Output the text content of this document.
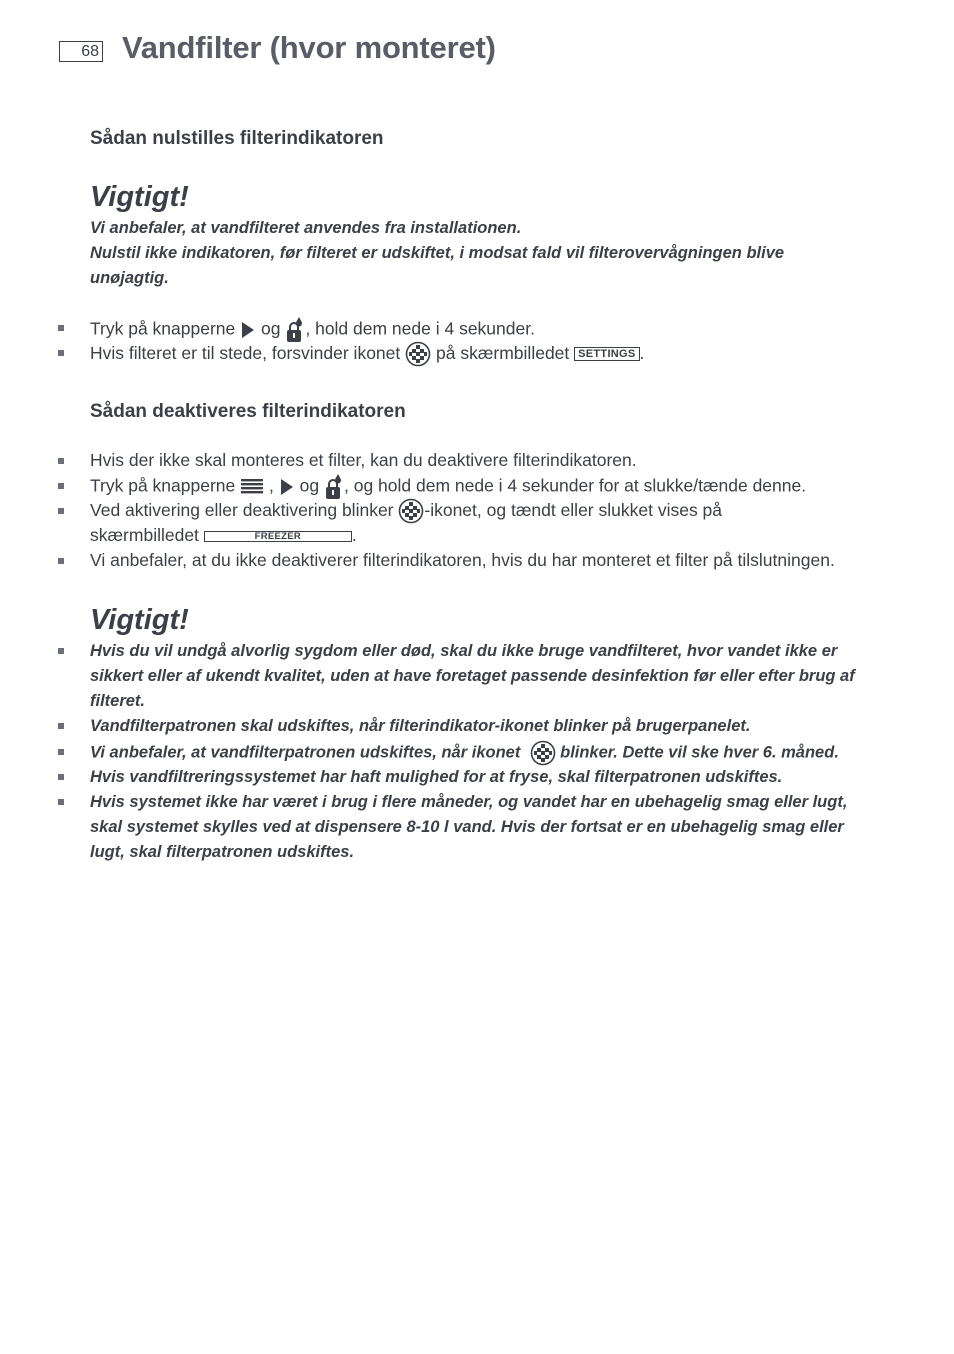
68 Vandfilter (hvor monteret)
Sådan nulstilles filterindikatoren
Vigtigt!
Vi anbefaler, at vandfilteret anvendes fra installationen.
Nulstil ikke indikatoren, før filteret er udskiftet, i modsat fald vil filterovervågningen blive
unøjagtig.
Tryk på knapperne og , hold dem nede i 4 sekunder.
Hvis filteret er til stede, forsvinder ikonet på skærmbilledet SETTINGS .
Sådan deaktiveres filterindikatoren
Hvis der ikke skal monteres et filter, kan du deaktivere filterindikatoren.
Tryk på knapperne , og , og hold dem nede i 4 sekunder for at slukke/tænde denne.
Ved aktivering eller deaktivering blinker -ikonet, og tændt eller slukket vises på
skærmbilledet	FREEZER	.
Vi anbefaler, at du ikke deaktiverer filterindikatoren, hvis du har monteret et filter på tilslutningen.
Vigtigt!
Hvis du vil undgå alvorlig sygdom eller død, skal du ikke bruge vandfilteret, hvor vandet ikke er
sikkert eller af ukendt kvalitet, uden at have foretaget passende desinfektion før eller efter brug af
filteret.
Vandfilterpatronen skal udskiftes, når filterindikator-ikonet blinker på brugerpanelet.
Vi anbefaler, at vandfilterpatronen udskiftes, når ikonet blinker. Dette vil ske hver 6. måned.
Hvis vandfiltreringssystemet har haft mulighed for at fryse, skal filterpatronen udskiftes.
Hvis systemet ikke har været i brug i flere måneder, og vandet har en ubehagelig smag eller lugt,
skal systemet skylles ved at dispensere 8-10 l vand. Hvis der fortsat er en ubehagelig smag eller
lugt, skal filterpatronen udskiftes.
